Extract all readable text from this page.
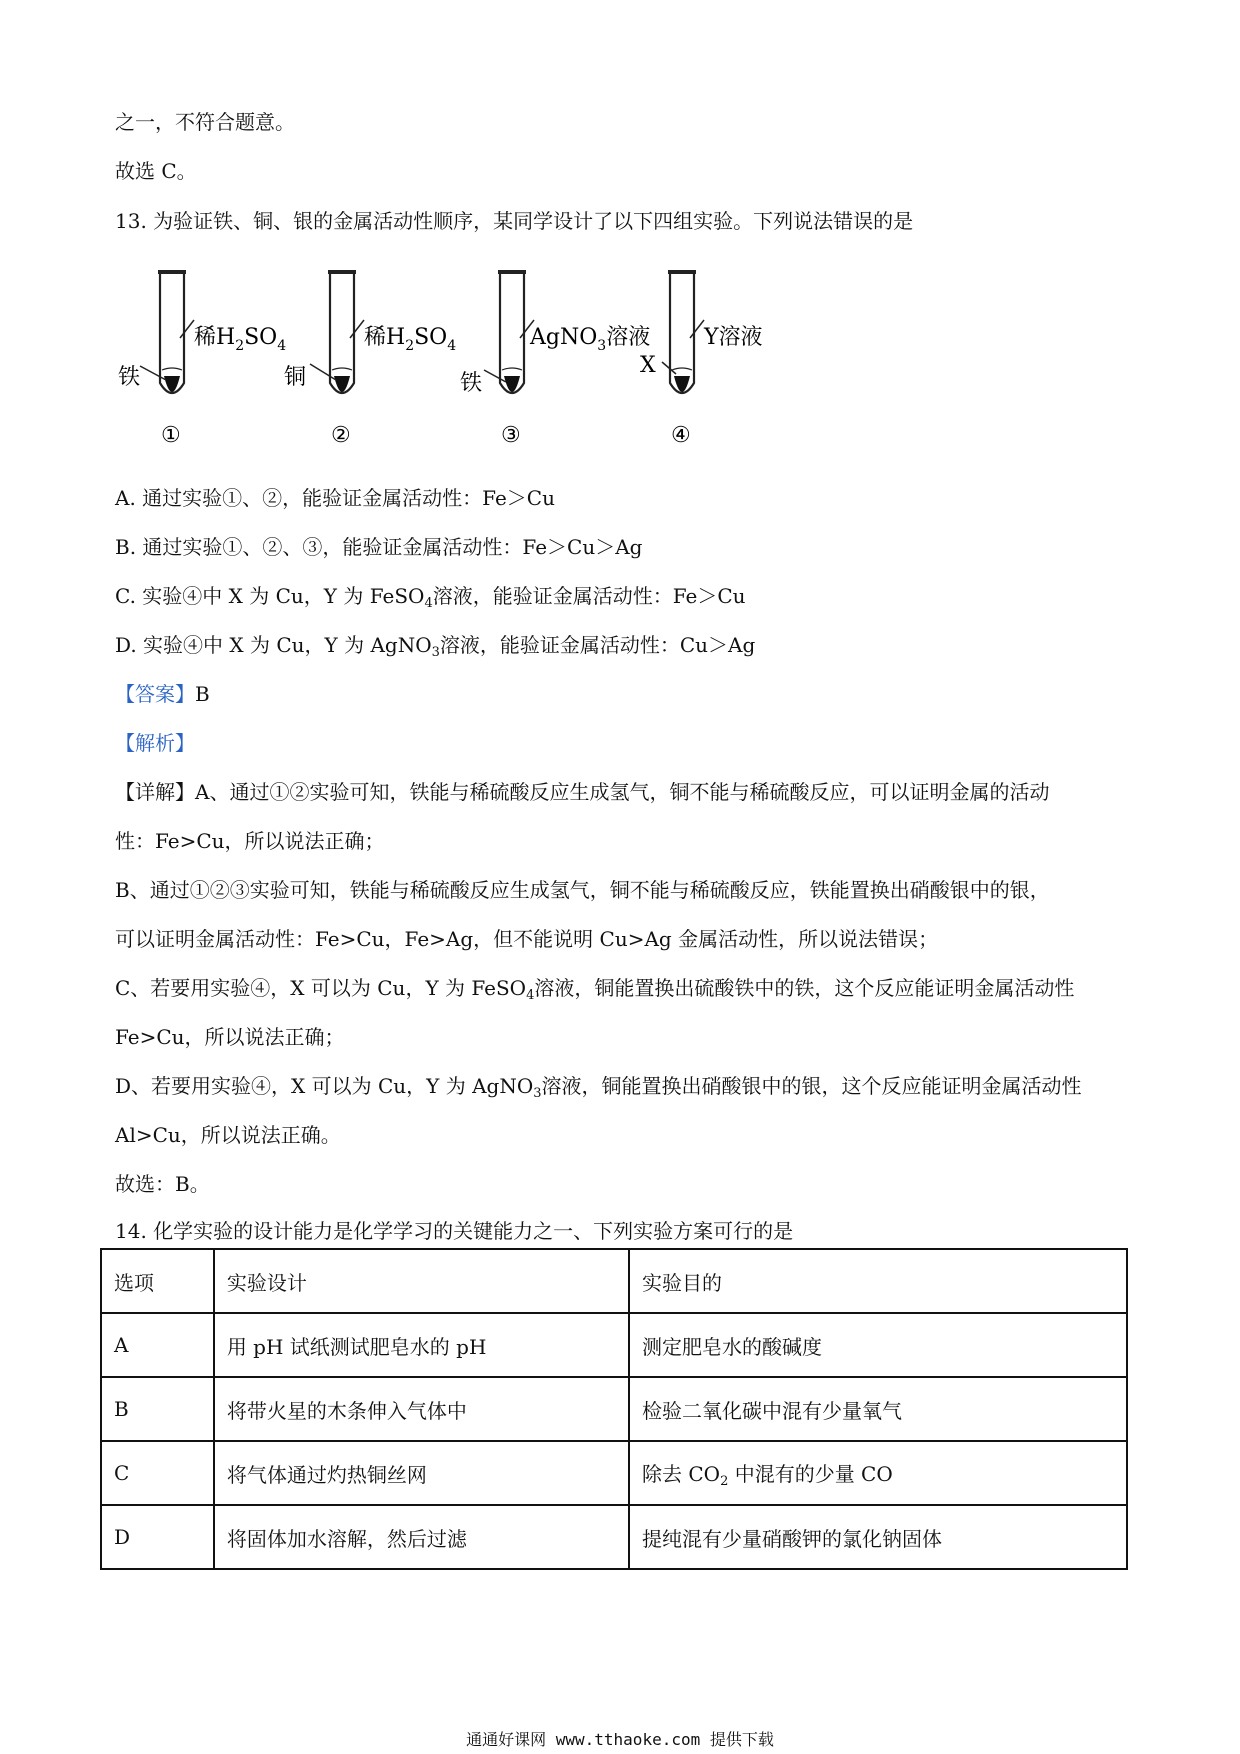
之一，不符合题意。
故选 C。
13. 为验证铁、铜、银的金属活动性顺序，某同学设计了以下四组实验。下列说法错误的是
铁
稀$H_2SO_4$
①
铜
稀$H_2SO_4$
②
铁
AgNO$_3$溶液
③
X
Y溶液
④
A. 通过实验①、②，能验证金属活动性：Fe＞Cu
B. 通过实验①、②、③，能验证金属活动性：Fe＞Cu＞Ag
C. 实验④中 X 为 Cu，Y 为 FeSO$_4$溶液，能验证金属活动性：Fe＞Cu
D. 实验④中 X 为 Cu，Y 为 AgNO$_3$溶液，能验证金属活动性：Cu＞Ag
【答案】B
【解析】
【详解】A、通过①②实验可知，铁能与稀硫酸反应生成氢气，铜不能与稀硫酸反应，可以证明金属的活动
性：Fe>Cu，所以说法正确；
B、通过①②③实验可知，铁能与稀硫酸反应生成氢气，铜不能与稀硫酸反应，铁能置换出硝酸银中的银，
可以证明金属活动性：Fe>Cu，Fe>Ag，但不能说明 Cu>Ag 金属活动性，所以说法错误；
C、若要用实验④，X 可以为 Cu，Y 为 FeSO$_4$溶液，铜能置换出硫酸铁中的铁，这个反应能证明金属活动性
Fe>Cu，所以说法正确；
D、若要用实验④，X 可以为 Cu，Y 为 AgNO$_3$溶液，铜能置换出硝酸银中的银，这个反应能证明金属活动性
Al>Cu，所以说法正确。
故选：B。
14. 化学实验的设计能力是化学学习的关键能力之一、下列实验方案可行的是
选项	实验设计	实验目的
A	用 pH 试纸测试肥皂水的 pH	测定肥皂水的酸碱度
B	将带火星的木条伸入气体中	检验二氧化碳中混有少量氧气
C	将气体通过灼热铜丝网	除去 $CO_2$ 中混有的少量 CO
D	将固体加水溶解，然后过滤	提纯混有少量硝酸钾的氯化钠固体
通通好课网 www.tthaoke.com 提供下载
